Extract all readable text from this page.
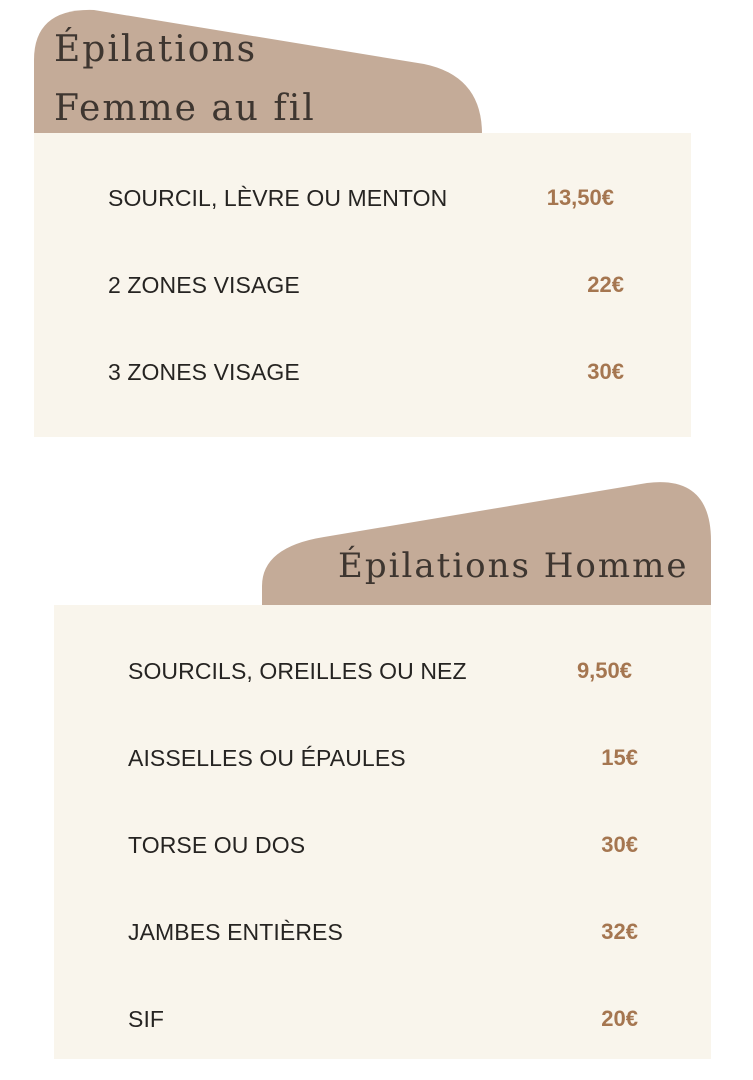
Épilations
Femme au fil
SOURCIL, LÈVRE OU MENTON	13,50€
2 ZONES VISAGE	22€
3 ZONES VISAGE	30€
Épilations Homme
SOURCILS, OREILLES OU NEZ	9,50€
AISSELLES OU ÉPAULES	15€
TORSE OU DOS	30€
JAMBES ENTIÈRES	32€
SIF	20€
